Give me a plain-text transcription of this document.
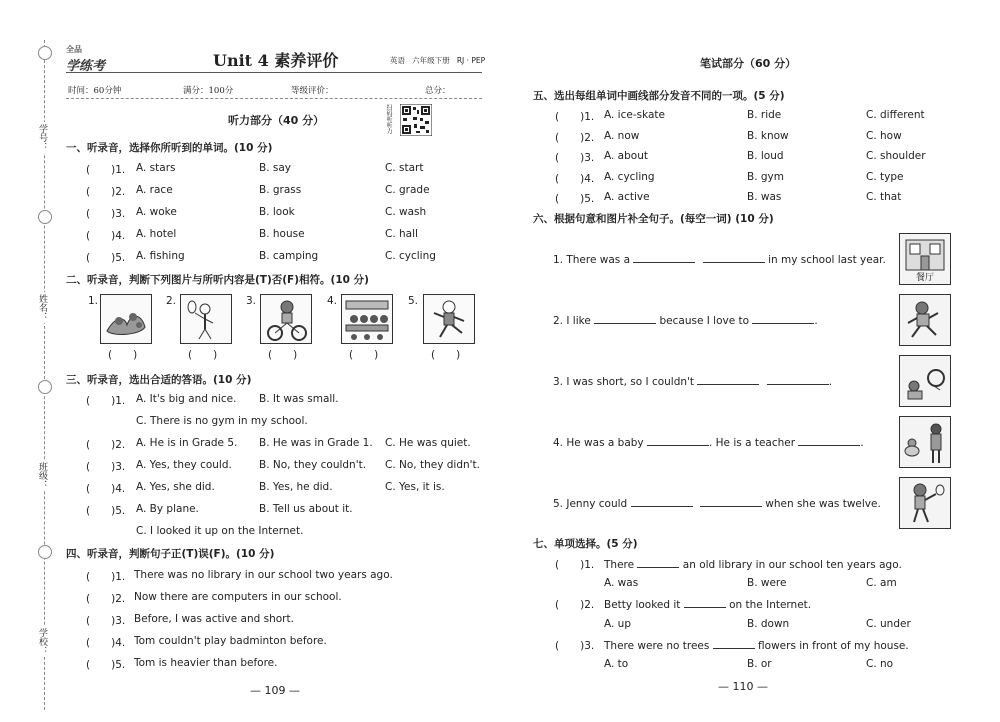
学号：
姓名：
班级：
学校：
全品
学练考	Unit 4 素养评价	英语 六年级下册 RJ · PEP
时间：60分钟	满分：100分	等级评价：	总分：
扫码听听力
听力部分（40 分）
一、听录音，选择你所听到的单词。(10 分)
(　　)1. A. stars	B. say	C. start
(　　)2. A. race	B. grass	C. grade
(　　)3. A. woke	B. look	C. wash
(　　)4. A. hotel	B. house	C. hall
(　　)5. A. fishing	B. camping	C. cycling
二、听录音，判断下列图片与所听内容是(T)否(F)相符。(10 分)
1.
(　　)
2.
(　　)
3.
(　　)
4.
(　　)
5.
(　　)
三、听录音，选出合适的答语。(10 分)
(　　)1. A. It's big and nice. B. It was small.
C. There is no gym in my school.
(　　)2. A. He is in Grade 5. B. He was in Grade 1. C. He was quiet.
(　　)3. A. Yes, they could.	B. No, they couldn't. C. No, they didn't.
(　　)4. A. Yes, she did.	B. Yes, he did.	C. Yes, it is.
(　　)5. A. By plane.	B. Tell us about it.
C. I looked it up on the Internet.
四、听录音，判断句子正(T)误(F)。(10 分)
(　　)1. There was no library in our school two years ago.
(　　)2. Now there are computers in our school.
(　　)3. Before, I was active and short.
(　　)4. Tom couldn't play badminton before.
(　　)5. Tom is heavier than before.
— 109 —
笔试部分（60 分）
五、选出每组单词中画线部分发音不同的一项。(5 分)
(　　)1. A. ice-skate	B. ride	C. different
(　　)2. A. now	B. know	C. how
(　　)3. A. about	B. loud	C. shoulder
(　　)4. A. cycling	B. gym	C. type
(　　)5. A. active	B. was	C. that
六、根据句意和图片补全句子。(每空一词) (10 分)
1. There was a	in my school last year.
餐厅
2. I like	because I love to	.
3. I was short, so I couldn't	.
4. He was a baby	. He is a teacher	.
5. Jenny could	when she was twelve.
七、单项选择。(5 分)
(　　)1. There	an old library in our school ten years ago.
A. was	B. were	C. am
(　　)2. Betty looked it	on the Internet.
A. up	B. down	C. under
(　　)3. There were no trees	flowers in front of my house.
A. to	B. or	C. no
— 110 —
